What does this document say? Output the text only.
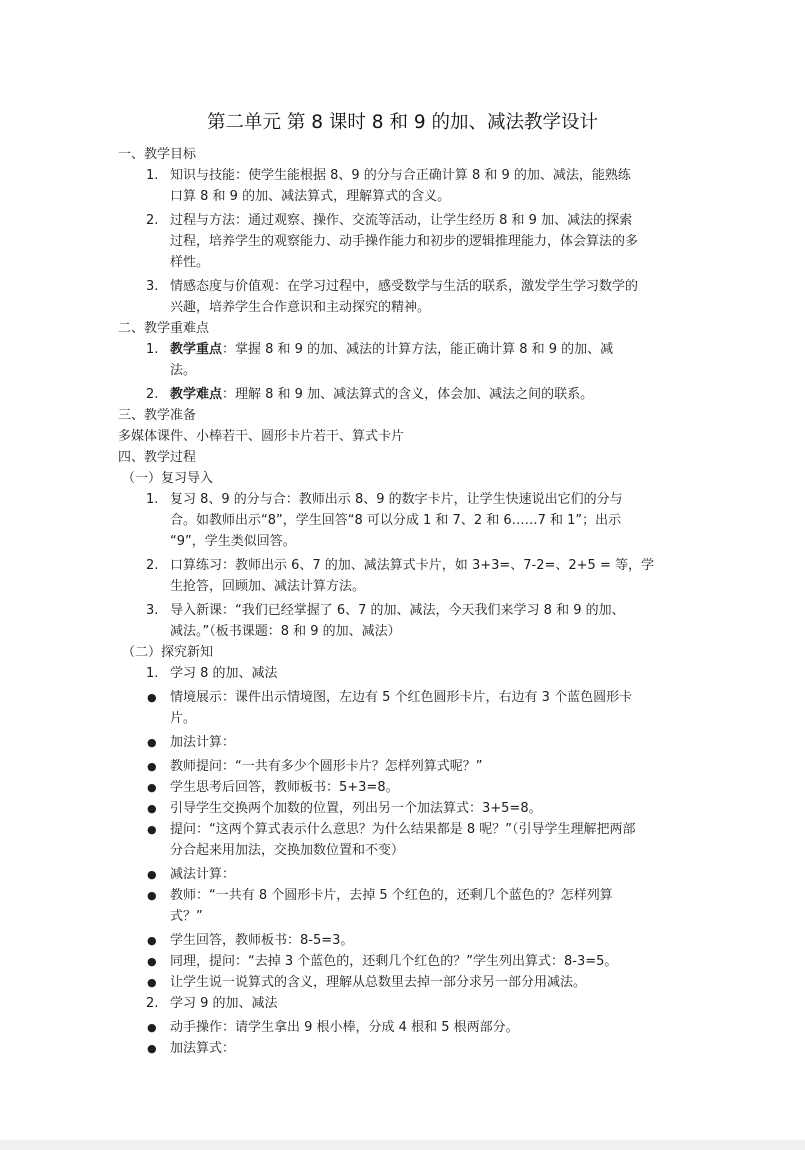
第二单元 第 8 课时 8 和 9 的加、减法教学设计

一、教学目标

1. 知识与技能：使学生能根据 8、9 的分与合正确计算 8 和 9 的加、减法，能熟练

口算 8 和 9 的加、减法算式，理解算式的含义。

2. 过程与方法：通过观察、操作、交流等活动，让学生经历 8 和 9 加、减法的探索

过程，培养学生的观察能力、动手操作能力和初步的逻辑推理能力，体会算法的多

样性。

3. 情感态度与价值观：在学习过程中，感受数学与生活的联系，激发学生学习数学的

兴趣，培养学生合作意识和主动探究的精神。

二、教学重难点

1. 教学重点：掌握 8 和 9 的加、减法的计算方法，能正确计算 8 和 9 的加、减

法。

2. 教学难点：理解 8 和 9 加、减法算式的含义，体会加、减法之间的联系。

三、教学准备

多媒体课件、小棒若干、圆形卡片若干、算式卡片

四、教学过程

（一）复习导入

1. 复习 8、9 的分与合：教师出示 8、9 的数字卡片，让学生快速说出它们的分与

合。如教师出示“8”，学生回答“8 可以分成 1 和 7、2 和 6……7 和 1”；出示

“9”，学生类似回答。

2. 口算练习：教师出示 6、7 的加、减法算式卡片，如 3+3=、7-2=、2+5 = 等，学

生抢答，回顾加、减法计算方法。

3. 导入新课：“我们已经掌握了 6、7 的加、减法，今天我们来学习 8 和 9 的加、

减法。”（板书课题：8 和 9 的加、减法）

（二）探究新知

1. 学习 8 的加、减法

● 情境展示：课件出示情境图，左边有 5 个红色圆形卡片，右边有 3 个蓝色圆形卡

片。

● 加法计算：

● 教师提问：“一共有多少个圆形卡片？怎样列算式呢？”

● 学生思考后回答，教师板书：5+3=8。

● 引导学生交换两个加数的位置，列出另一个加法算式：3+5=8。

● 提问：“这两个算式表示什么意思？为什么结果都是 8 呢？”（引导学生理解把两部

分合起来用加法，交换加数位置和不变）

● 减法计算：

● 教师：“一共有 8 个圆形卡片，去掉 5 个红色的，还剩几个蓝色的？怎样列算

式？”

● 学生回答，教师板书：8-5=3。

● 同理，提问：“去掉 3 个蓝色的，还剩几个红色的？”学生列出算式：8-3=5。

● 让学生说一说算式的含义，理解从总数里去掉一部分求另一部分用减法。

2. 学习 9 的加、减法

● 动手操作：请学生拿出 9 根小棒，分成 4 根和 5 根两部分。

● 加法算式：
